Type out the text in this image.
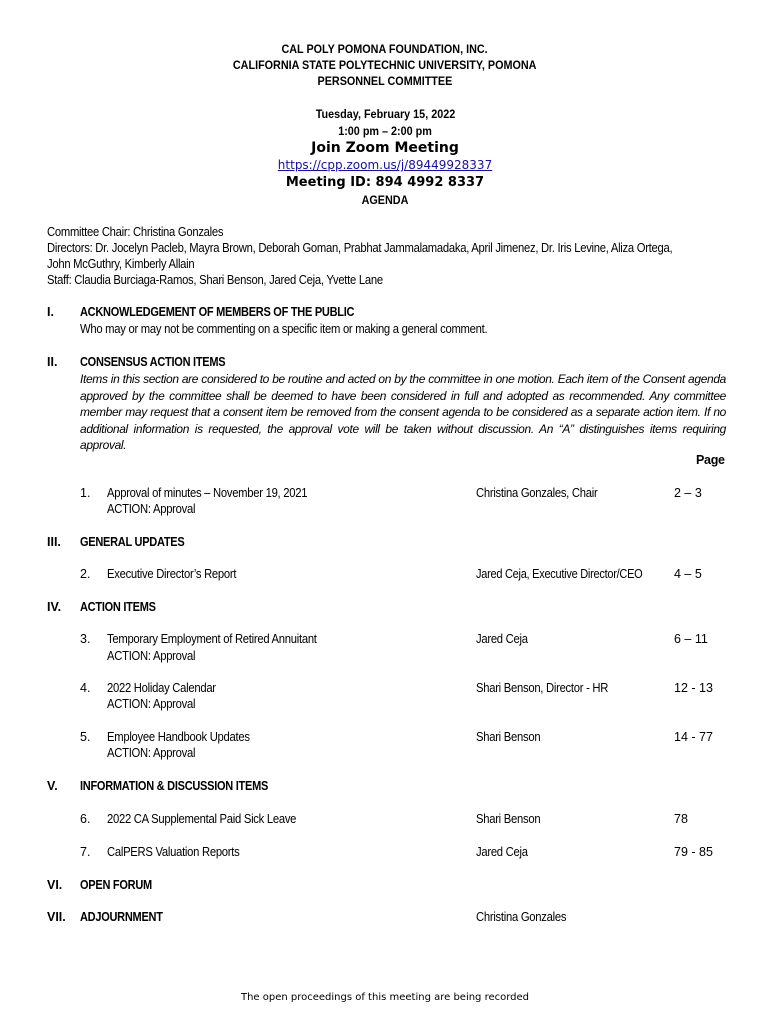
CAL POLY POMONA FOUNDATION, INC.
CALIFORNIA STATE POLYTECHNIC UNIVERSITY, POMONA
PERSONNEL COMMITTEE
Tuesday, February 15, 2022
1:00 pm – 2:00 pm
Join Zoom Meeting
https://cpp.zoom.us/j/89449928337
Meeting ID: 894 4992 8337
AGENDA
Committee Chair: Christina Gonzales
Directors: Dr. Jocelyn Pacleb, Mayra Brown, Deborah Goman, Prabhat Jammalamadaka, April Jimenez, Dr. Iris Levine, Aliza Ortega,
John McGuthry, Kimberly Allain
Staff: Claudia Burciaga-Ramos, Shari Benson, Jared Ceja, Yvette Lane
I. ACKNOWLEDGEMENT OF MEMBERS OF THE PUBLIC
Who may or may not be commenting on a specific item or making a general comment.
II. CONSENSUS ACTION ITEMS
Items in this section are considered to be routine and acted on by the committee in one motion. Each item of the Consent agenda approved by the committee shall be deemed to have been considered in full and adopted as recommended. Any committee member may request that a consent item be removed from the consent agenda to be considered as a separate action item. If no additional information is requested, the approval vote will be taken without discussion. An “A” distinguishes items requiring approval.
Page
1. Approval of minutes – November 19, 2021
ACTION: Approval
Christina Gonzales, Chair	2 – 3
III. GENERAL UPDATES
2. Executive Director’s Report	Jared Ceja, Executive Director/CEO	4 – 5
IV. ACTION ITEMS
3. Temporary Employment of Retired Annuitant
ACTION: Approval
Jared Ceja	6 – 11
4. 2022 Holiday Calendar
ACTION: Approval
Shari Benson, Director - HR	12 - 13
5. Employee Handbook Updates
ACTION: Approval
Shari Benson	14 - 77
V. INFORMATION & DISCUSSION ITEMS
6. 2022 CA Supplemental Paid Sick Leave	Shari Benson	78
7. CalPERS Valuation Reports	Jared Ceja	79 - 85
VI. OPEN FORUM
VII. ADJOURNMENT	Christina Gonzales
The open proceedings of this meeting are being recorded
